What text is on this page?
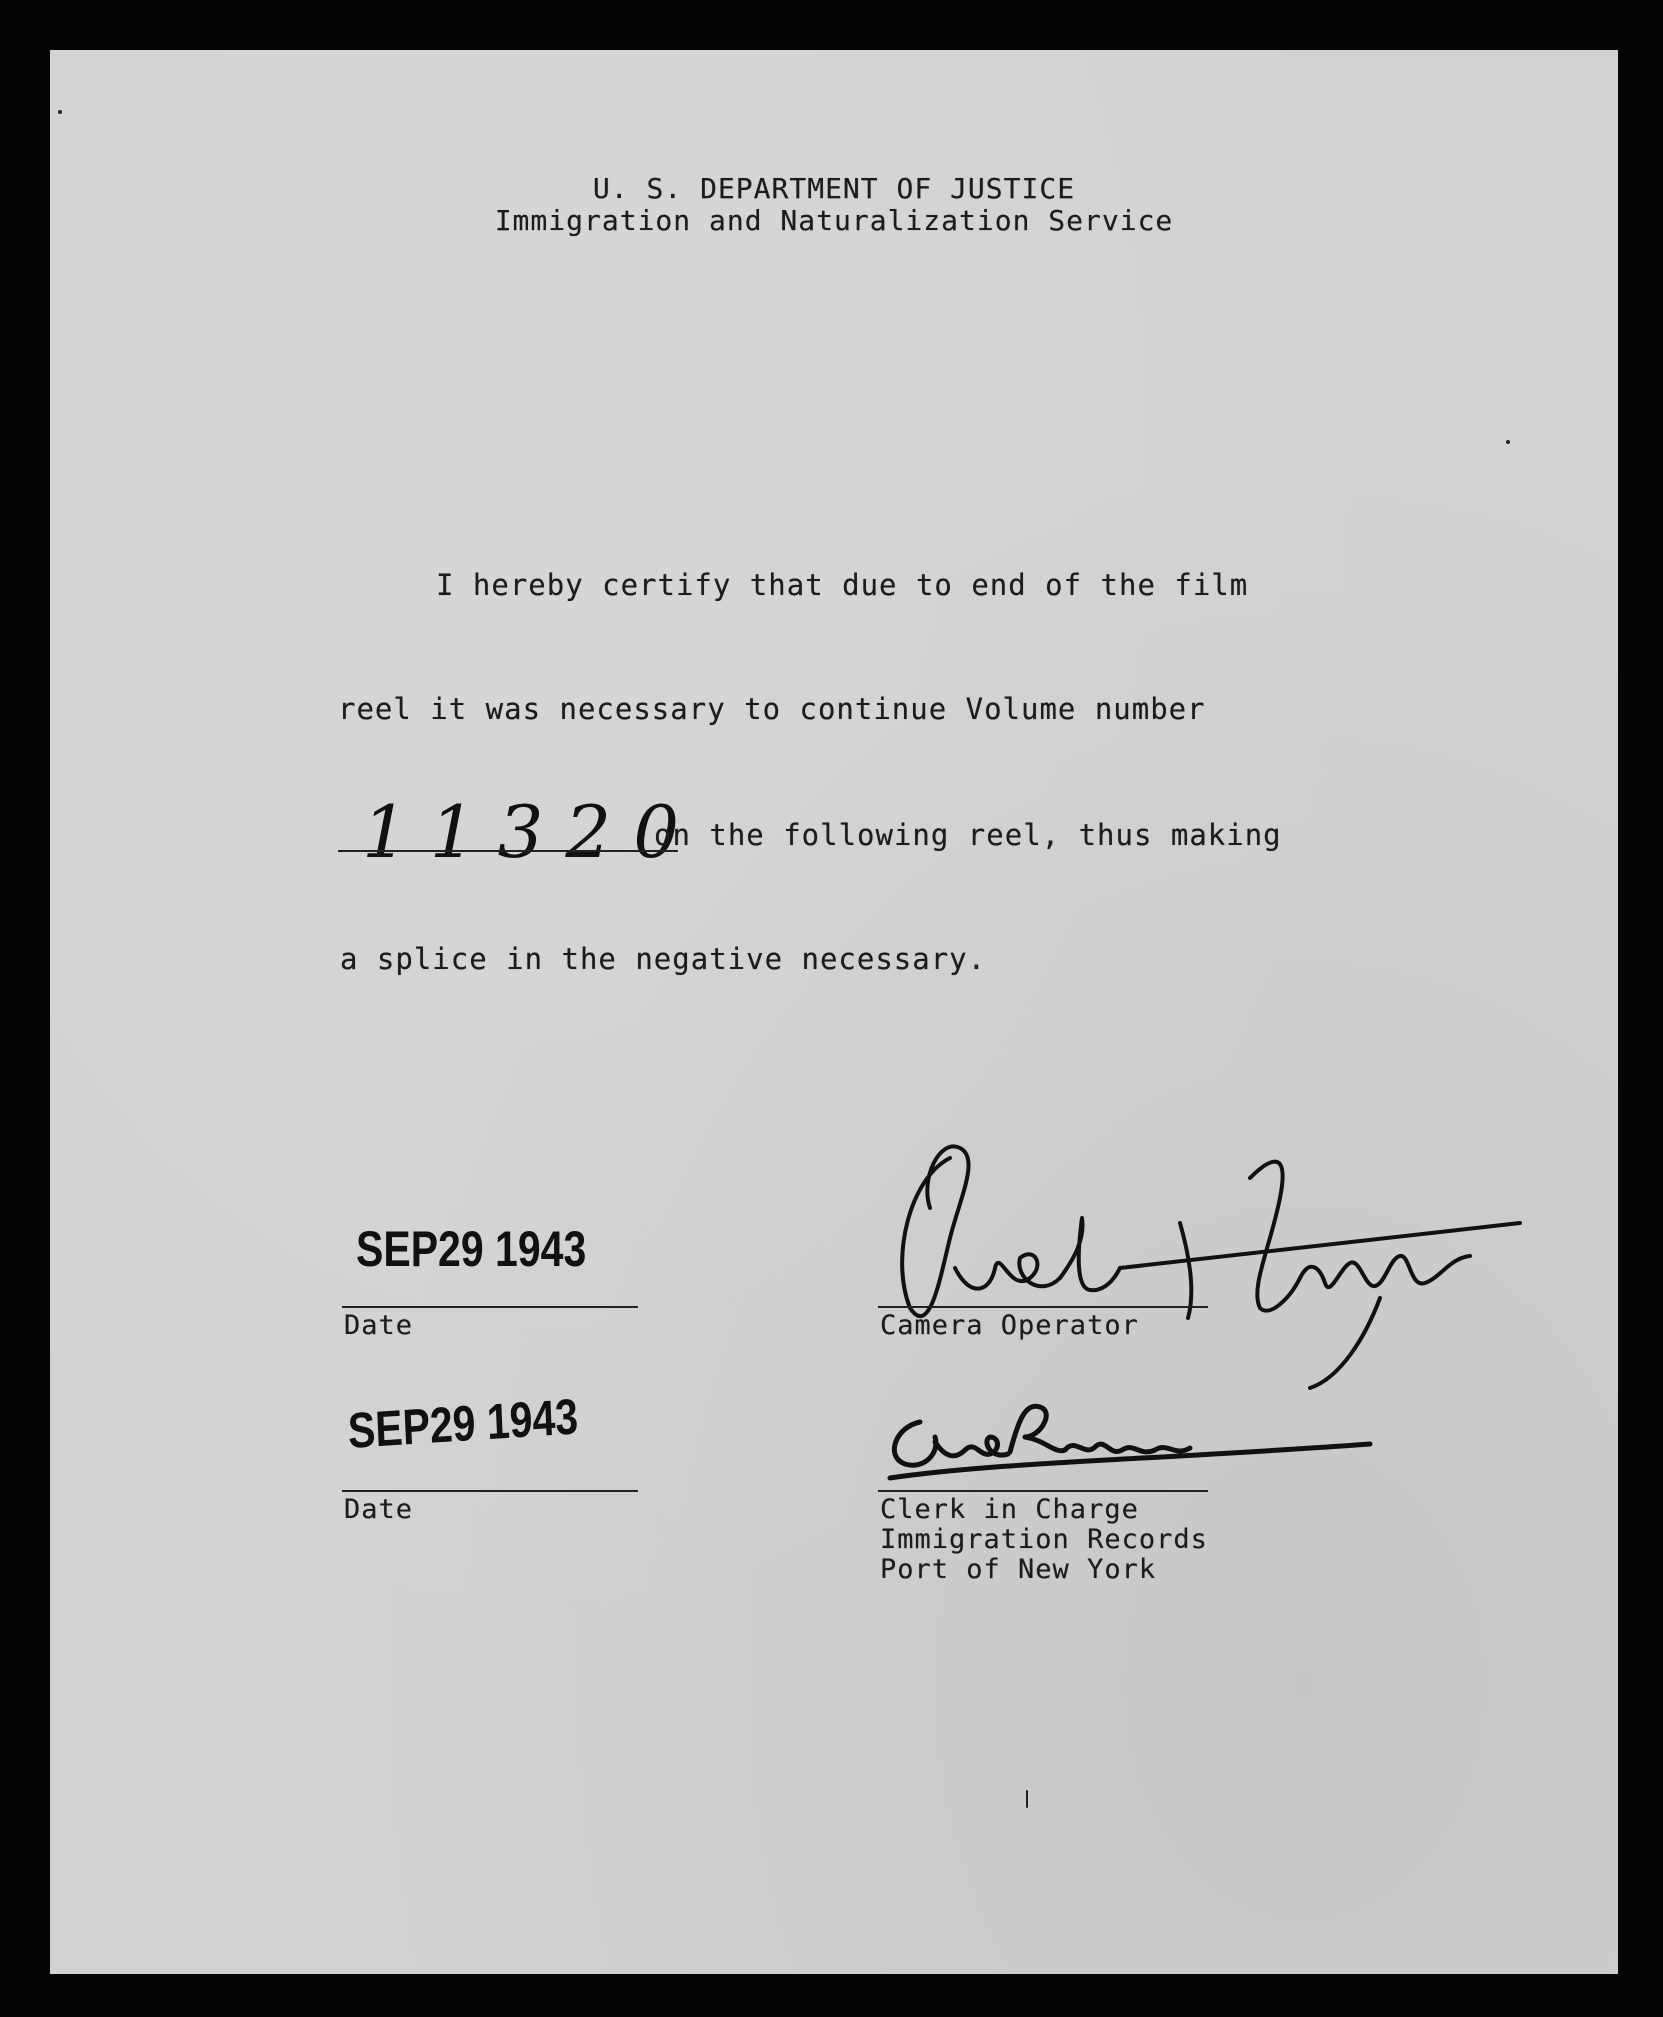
U. S. DEPARTMENT OF JUSTICE
Immigration and Naturalization Service
I hereby certify that due to end of the film
reel it was necessary to continue Volume number
11320
on the following reel, thus making
a splice in the negative necessary.
SEP29 1943
Date	Camera Operator
SEP29 1943
Date	Clerk in Charge
Immigration Records
Port of New York
